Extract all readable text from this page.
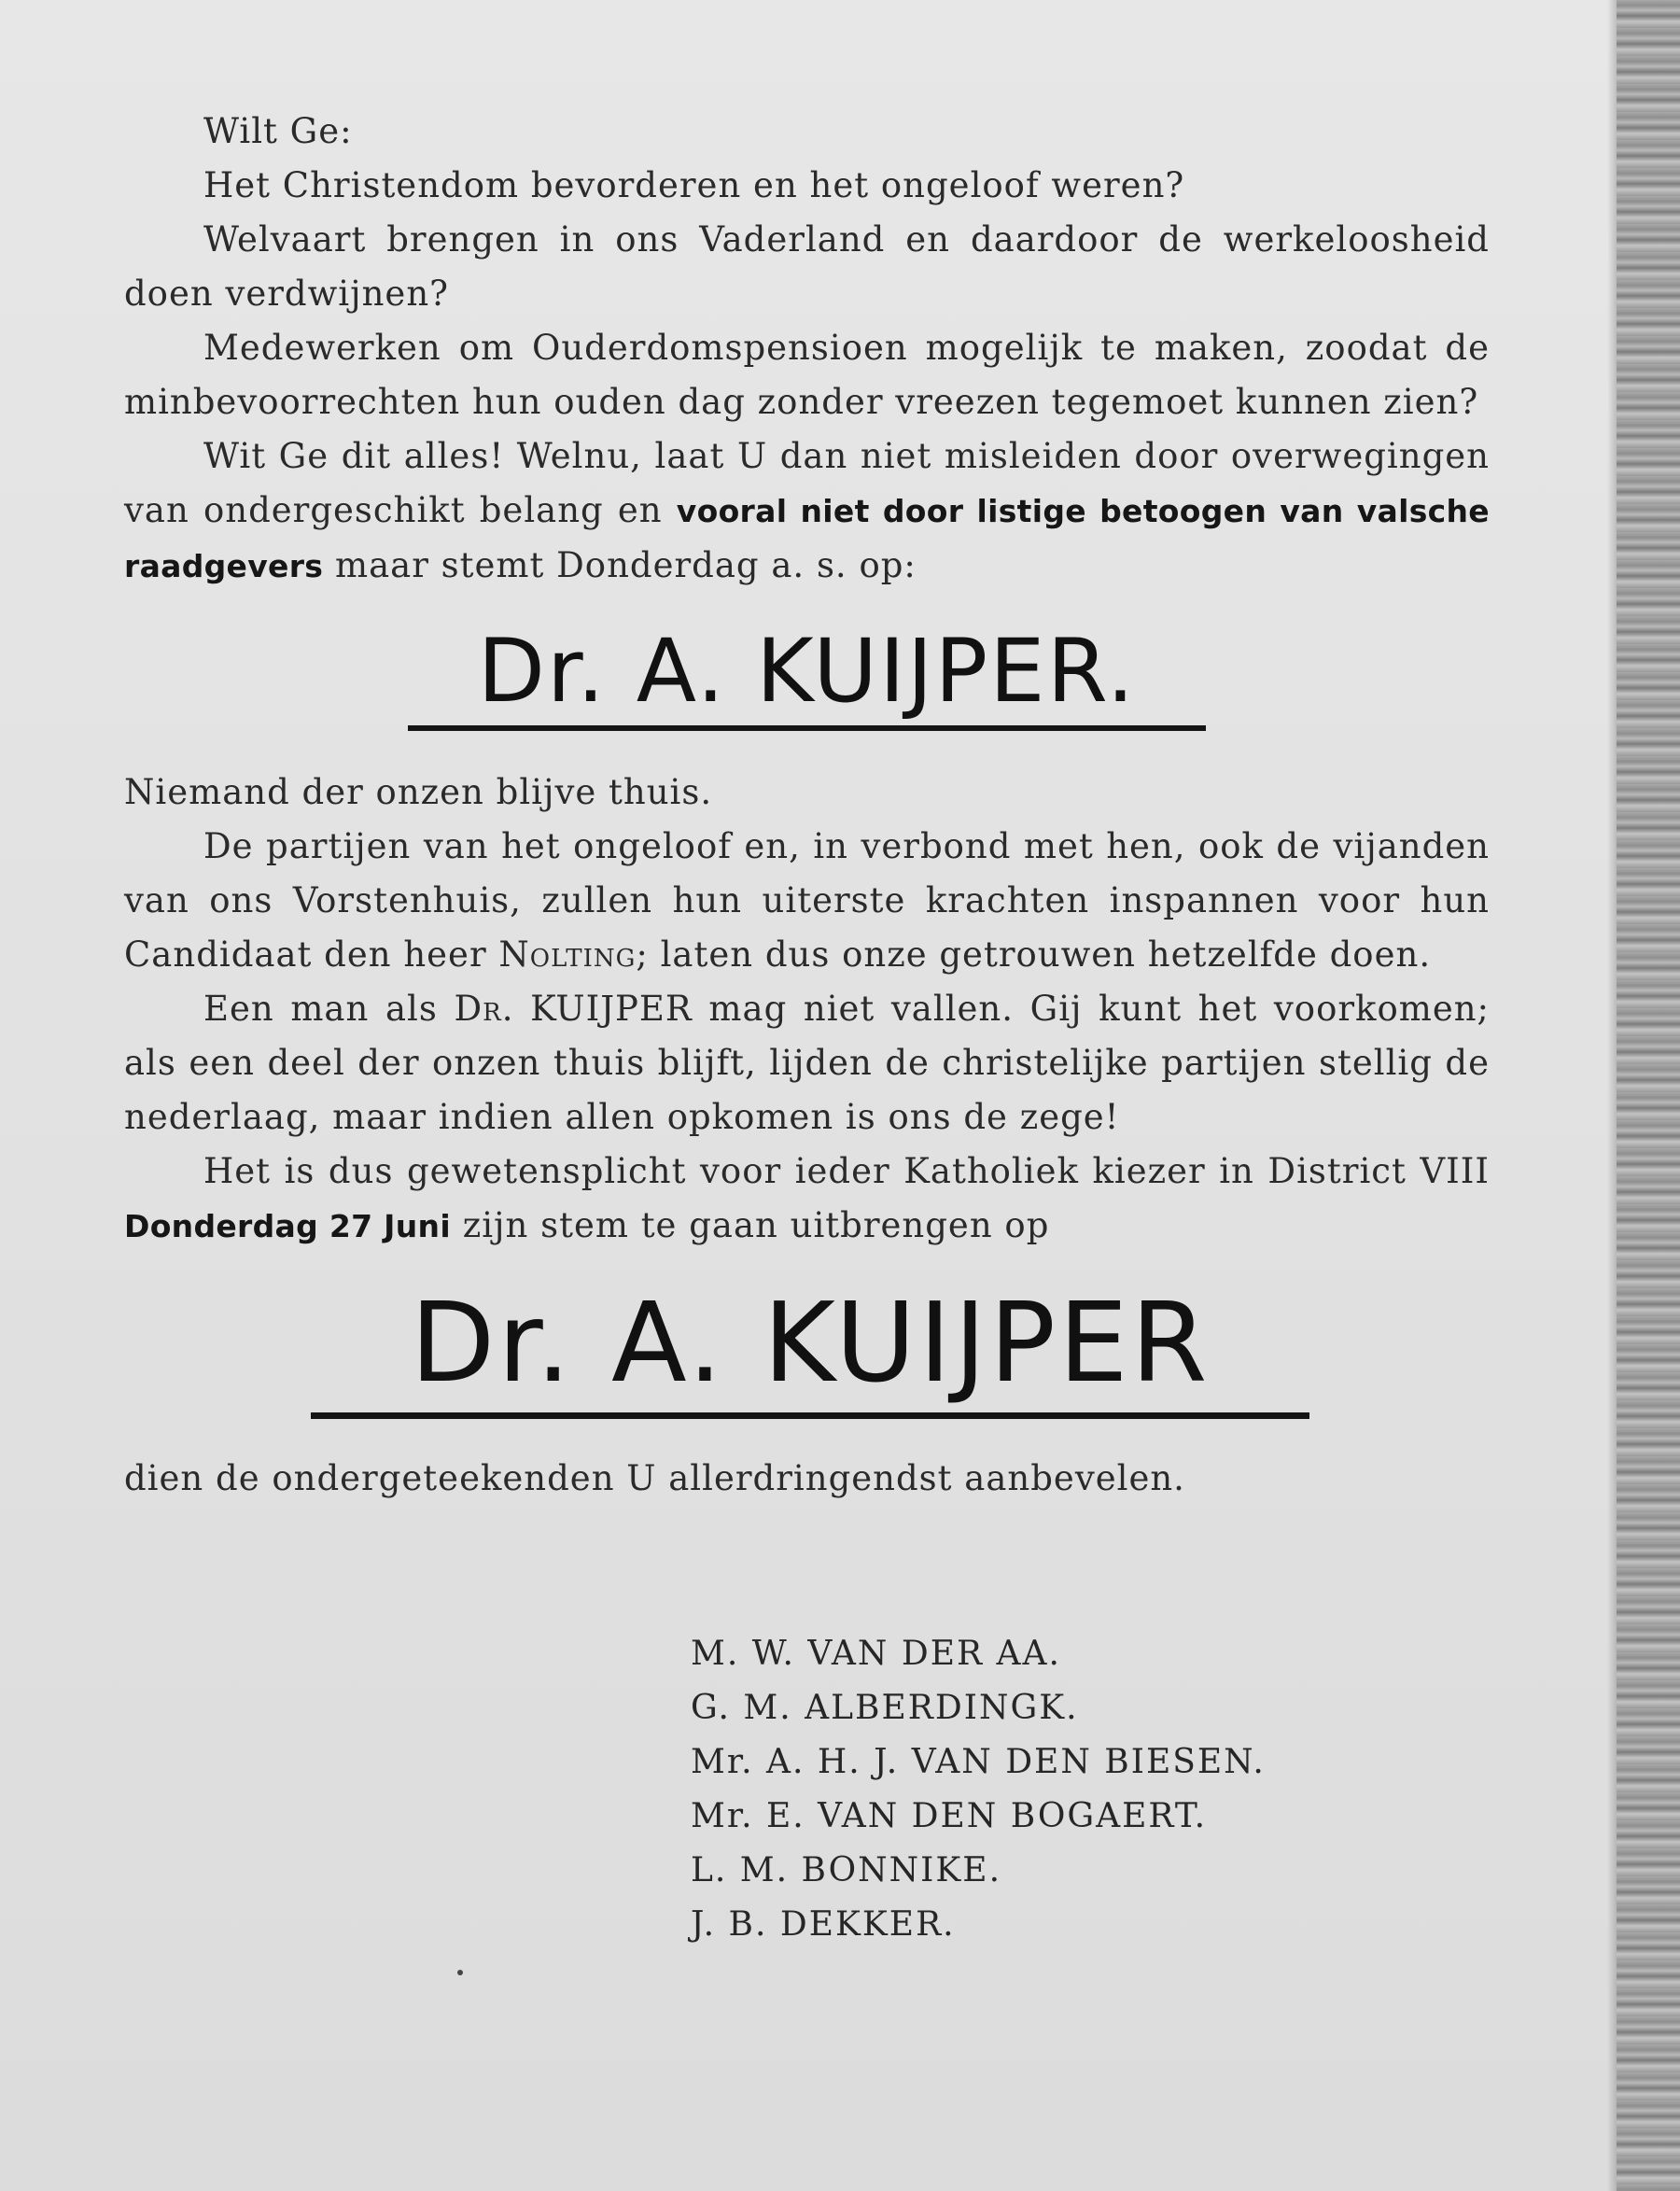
Wilt Ge:

Het Christendom bevorderen en het ongeloof weren?

Welvaart brengen in ons Vaderland en daardoor de werkeloosheid doen verdwijnen?

Medewerken om Ouderdomspensioen mogelijk te maken, zoodat de minbevoorrechten hun ouden dag zonder vreezen tegemoet kunnen zien?

Wit Ge dit alles! Welnu, laat U dan niet misleiden door overwegingen van ondergeschikt belang en vooral niet door listige betoogen van valsche raadgevers maar stemt Donderdag a. s. op:

Dr. A. KUIJPER.

Niemand der onzen blijve thuis.

De partijen van het ongeloof en, in verbond met hen, ook de vijanden van ons Vorstenhuis, zullen hun uiterste krachten inspannen voor hun Candidaat den heer Nolting; laten dus onze getrouwen hetzelfde doen.

Een man als Dr. KUIJPER mag niet vallen. Gij kunt het voorkomen; als een deel der onzen thuis blijft, lijden de christelijke partijen stellig de nederlaag, maar indien allen opkomen is ons de zege!

Het is dus gewetensplicht voor ieder Katholiek kiezer in District VIII Donderdag 27 Juni zijn stem te gaan uitbrengen op

Dr. A. KUIJPER

dien de ondergeteekenden U allerdringendst aanbevelen.

M. W. VAN DER AA.
G. M. ALBERDINGK.
Mr. A. H. J. VAN DEN BIESEN.
Mr. E. VAN DEN BOGAERT.
L. M. BONNIKE.
J. B. DEKKER.
